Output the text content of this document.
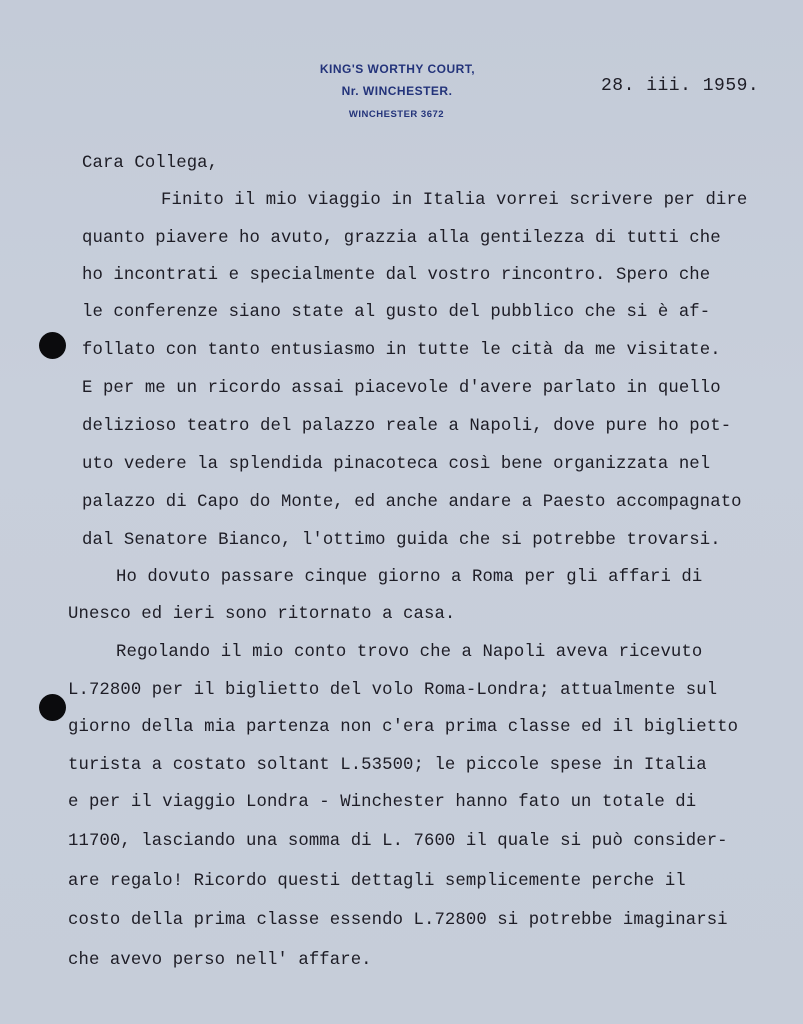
KING'S WORTHY COURT,
Nr. WINCHESTER.
WINCHESTER 3672
28. iii. 1959.
Cara Collega,
Finito il mio viaggio in Italia vorrei scrivere per dire
quanto piavere ho avuto, grazzia alla gentilezza di tutti che
ho incontrati e specialmente dal vostro rincontro. Spero che
le conferenze siano state al gusto del pubblico che si è af-
follato con tanto entusiasmo in tutte le cità da me visitate.
E per me un ricordo assai piacevole d'avere parlato in quello
delizioso teatro del palazzo reale a Napoli, dove pure ho pot-
uto vedere la splendida pinacoteca così bene organizzata nel
palazzo di Capo do Monte, ed anche andare a Paesto accompagnato
dal Senatore Bianco, l'ottimo guida che si potrebbe trovarsi.
Ho dovuto passare cinque giorno a Roma per gli affari di
Unesco ed ieri sono ritornato a casa.
Regolando il mio conto trovo che a Napoli aveva ricevuto
L.72800 per il biglietto del volo Roma-Londra; attualmente sul
giorno della mia partenza non c'era prima classe ed il biglietto
turista a costato soltant L.53500; le piccole spese in Italia
e per il viaggio Londra - Winchester hanno fato un totale di
11700, lasciando una somma di L. 7600 il quale si può consider-
are regalo! Ricordo questi dettagli semplicemente perche il
costo della prima classe essendo L.72800 si potrebbe imaginarsi
che avevo perso nell' affare.
